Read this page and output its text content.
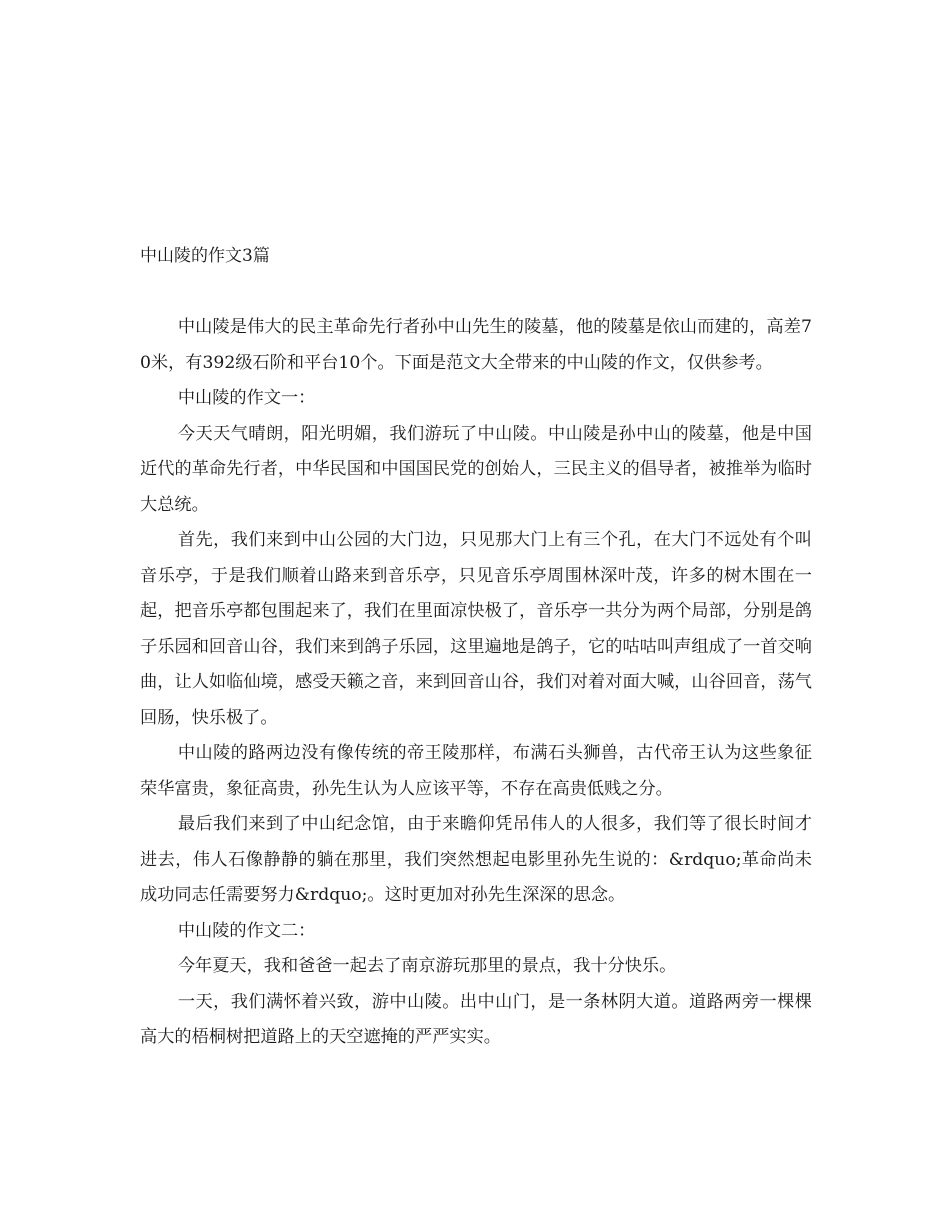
中山陵的作文3篇

中山陵是伟大的民主革命先行者孙中山先生的陵墓，他的陵墓是依山而建的，高差70米，有392级石阶和平台10个。下面是范文大全带来的中山陵的作文，仅供参考。

中山陵的作文一：

今天天气晴朗，阳光明媚，我们游玩了中山陵。中山陵是孙中山的陵墓，他是中国近代的革命先行者，中华民国和中国国民党的创始人，三民主义的倡导者，被推举为临时大总统。

首先，我们来到中山公园的大门边，只见那大门上有三个孔，在大门不远处有个叫音乐亭，于是我们顺着山路来到音乐亭，只见音乐亭周围林深叶茂，许多的树木围在一起，把音乐亭都包围起来了，我们在里面凉快极了，音乐亭一共分为两个局部，分别是鸽子乐园和回音山谷，我们来到鸽子乐园，这里遍地是鸽子，它的咕咕叫声组成了一首交响曲，让人如临仙境，感受天籁之音，来到回音山谷，我们对着对面大喊，山谷回音，荡气回肠，快乐极了。

中山陵的路两边没有像传统的帝王陵那样，布满石头狮兽，古代帝王认为这些象征荣华富贵，象征高贵，孙先生认为人应该平等，不存在高贵低贱之分。

最后我们来到了中山纪念馆，由于来瞻仰凭吊伟人的人很多，我们等了很长时间才进去，伟人石像静静的躺在那里，我们突然想起电影里孙先生说的：&rdquo;革命尚未成功同志任需要努力&rdquo;。这时更加对孙先生深深的思念。

中山陵的作文二：

今年夏天，我和爸爸一起去了南京游玩那里的景点，我十分快乐。

一天，我们满怀着兴致，游中山陵。出中山门，是一条林阴大道。道路两旁一棵棵高大的梧桐树把道路上的天空遮掩的严严实实。
